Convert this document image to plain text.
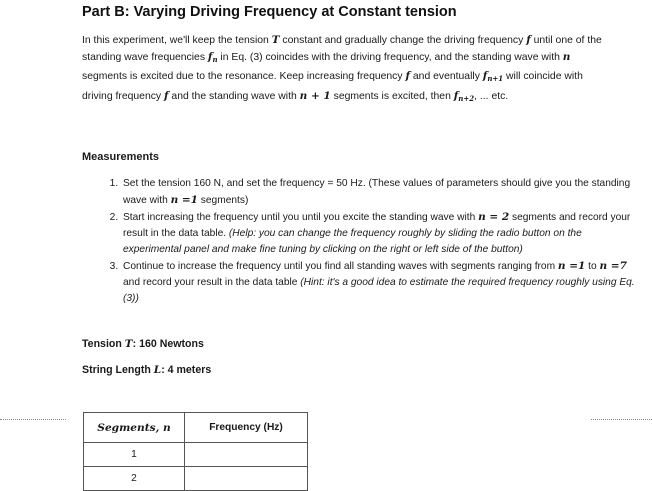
Part B: Varying Driving Frequency at Constant tension
In this experiment, we'll keep the tension T constant and gradually change the driving frequency f until one of the standing wave frequencies $f_n$ in Eq. (3) coincides with the driving frequency, and the standing wave with n segments is excited due to the resonance. Keep increasing frequency f and eventually $f_{n+1}$ will coincide with driving frequency f and the standing wave with n + 1 segments is excited, then $f_{n+2}$, ... etc.
Measurements
1. Set the tension 160 N, and set the frequency = 50 Hz. (These values of parameters should give you the standing wave with n =1 segments)
2. Start increasing the frequency until you until you excite the standing wave with n = 2 segments and record your result in the data table. (Help: you can change the frequency roughly by sliding the radio button on the experimental panel and make fine tuning by clicking on the right or left side of the button)
3. Continue to increase the frequency until you find all standing waves with segments ranging from n =1 to n =7 and record your result in the data table (Hint: it's a good idea to estimate the required frequency roughly using Eq. (3))
Tension T: 160 Newtons
String Length L: 4 meters
Segments, n	Frequency (Hz)
1	
2	
